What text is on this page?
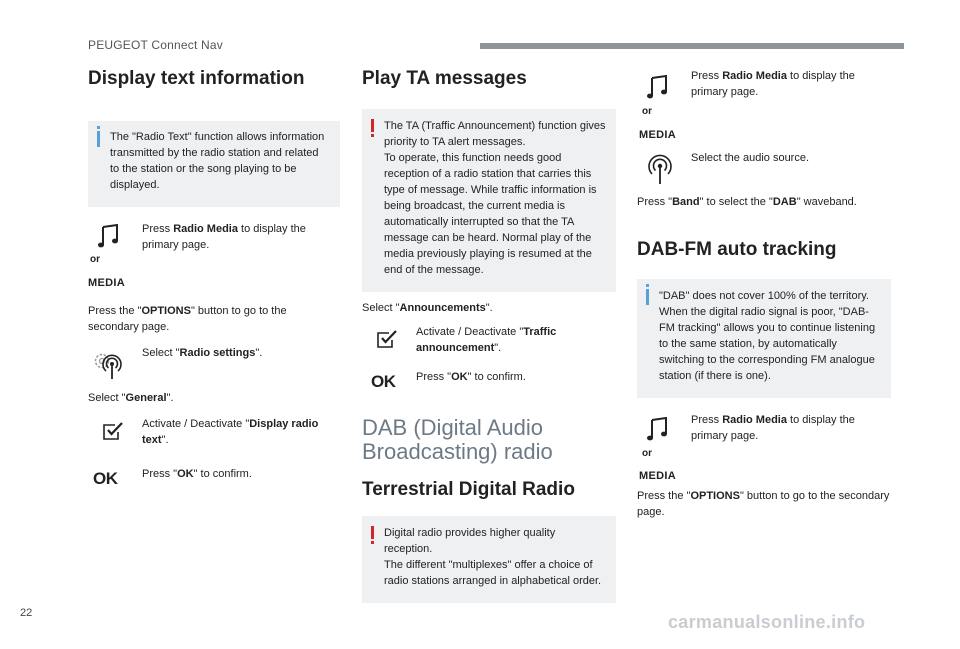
PEUGEOT Connect Nav
Display text information
The "Radio Text" function allows information transmitted by the radio station and related to the station or the song playing to be displayed.
or
MEDIA
Press Radio Media to display the primary page.
Press the "OPTIONS" button to go to the secondary page.
Select "Radio settings".
Select "General".
Activate / Deactivate "Display radio text".
OK Press "OK" to confirm.
Play TA messages
The TA (Traffic Announcement) function gives priority to TA alert messages.
To operate, this function needs good reception of a radio station that carries this type of message. While traffic information is being broadcast, the current media is automatically interrupted so that the TA message can be heard. Normal play of the media previously playing is resumed at the end of the message.
Select "Announcements".
Activate / Deactivate "Traffic announcement".
OK Press "OK" to confirm.
DAB (Digital Audio
Broadcasting) radio
Terrestrial Digital Radio
Digital radio provides higher quality reception.
The different "multiplexes" offer a choice of radio stations arranged in alphabetical order.
or
MEDIA
Press Radio Media to display the primary page.
Select the audio source.
Press "Band" to select the "DAB" waveband.
DAB-FM auto tracking
"DAB" does not cover 100% of the territory.
When the digital radio signal is poor, "DAB-FM tracking" allows you to continue listening to the same station, by automatically switching to the corresponding FM analogue station (if there is one).
or
MEDIA
Press Radio Media to display the primary page.
Press the "OPTIONS" button to go to the secondary page.
22	carmanualsonline.info
